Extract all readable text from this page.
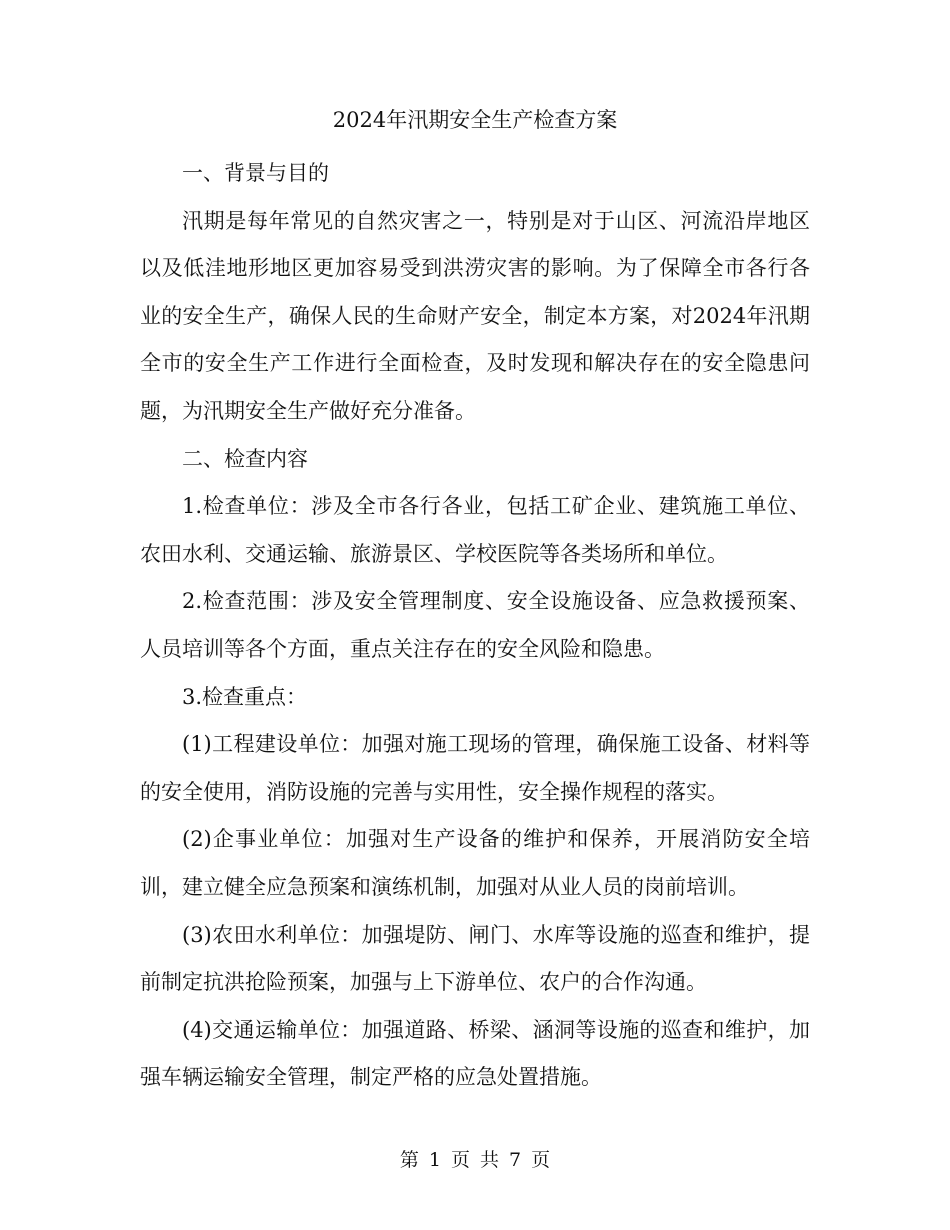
2024年汛期安全生产检查方案

一、背景与目的

汛期是每年常见的自然灾害之一，特别是对于山区、河流沿岸地区以及低洼地形地区更加容易受到洪涝灾害的影响。为了保障全市各行各业的安全生产，确保人民的生命财产安全，制定本方案，对2024年汛期全市的安全生产工作进行全面检查，及时发现和解决存在的安全隐患问题，为汛期安全生产做好充分准备。

二、检查内容

1.检查单位：涉及全市各行各业，包括工矿企业、建筑施工单位、农田水利、交通运输、旅游景区、学校医院等各类场所和单位。

2.检查范围：涉及安全管理制度、安全设施设备、应急救援预案、人员培训等各个方面，重点关注存在的安全风险和隐患。

3.检查重点：

(1)工程建设单位：加强对施工现场的管理，确保施工设备、材料等的安全使用，消防设施的完善与实用性，安全操作规程的落实。

(2)企事业单位：加强对生产设备的维护和保养，开展消防安全培训，建立健全应急预案和演练机制，加强对从业人员的岗前培训。

(3)农田水利单位：加强堤防、闸门、水库等设施的巡查和维护，提前制定抗洪抢险预案，加强与上下游单位、农户的合作沟通。

(4)交通运输单位：加强道路、桥梁、涵洞等设施的巡查和维护，加强车辆运输安全管理，制定严格的应急处置措施。

第 1 页 共 7 页
